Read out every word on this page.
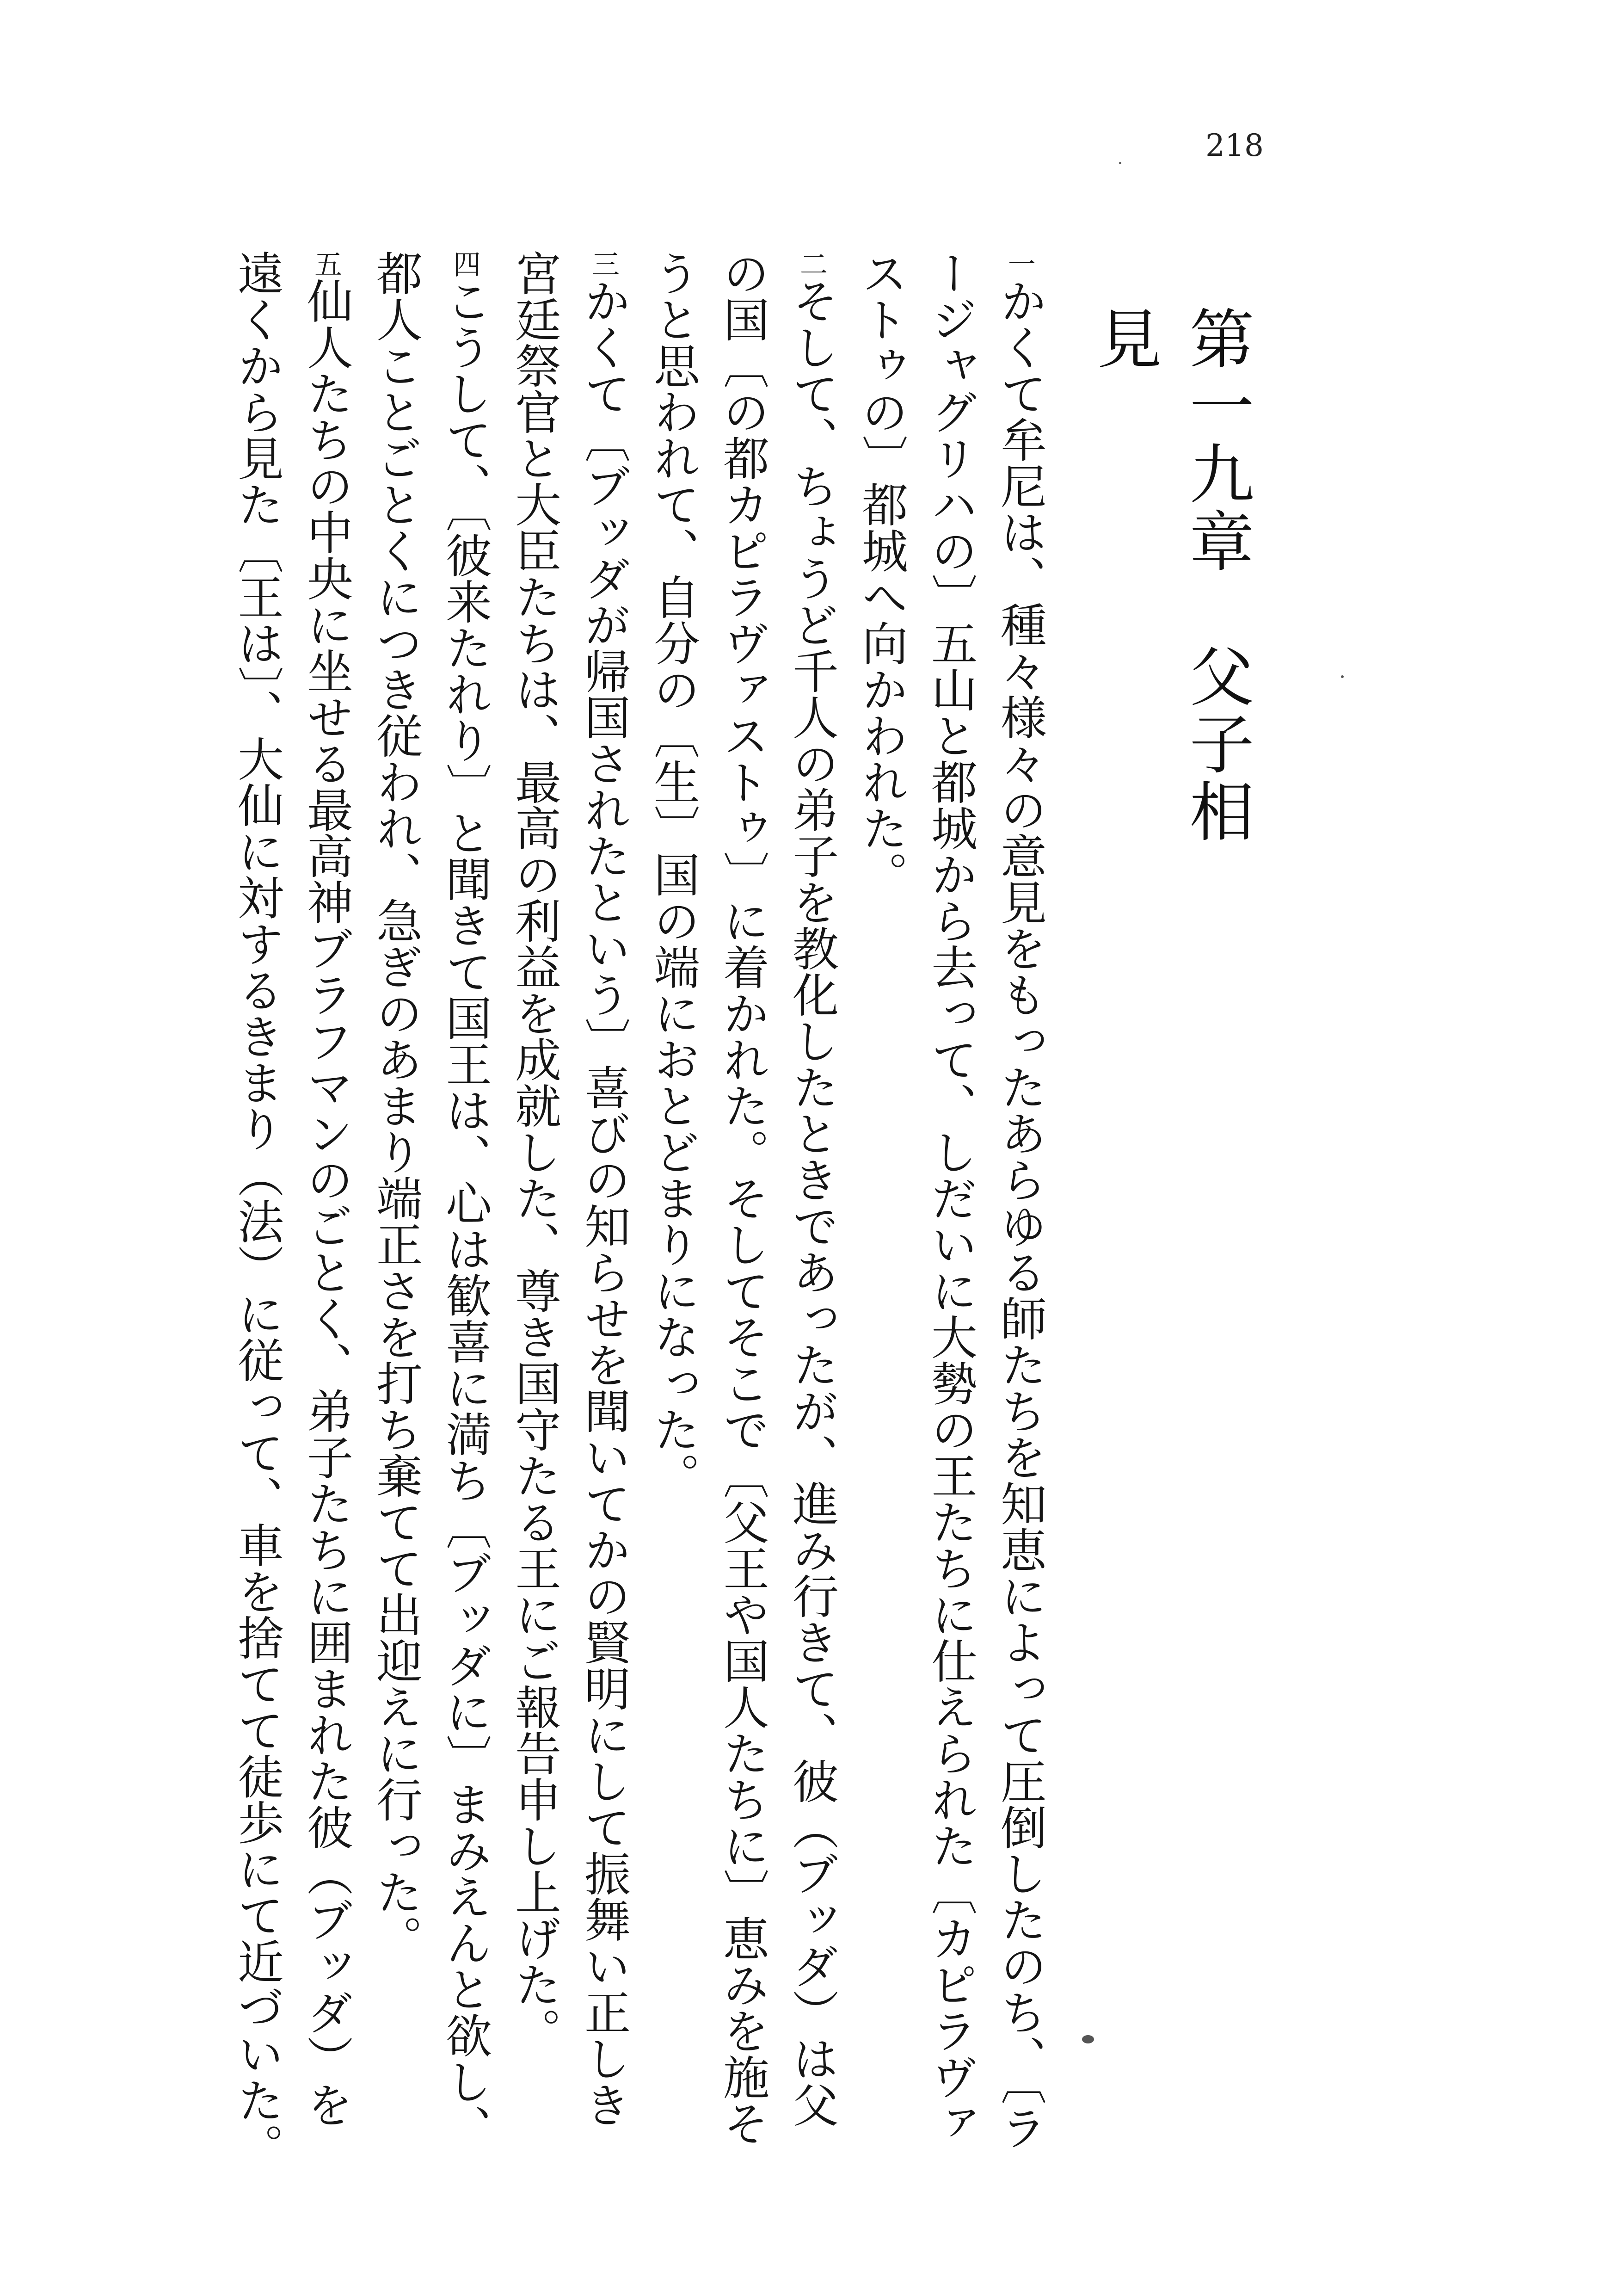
218
第一九章　父子相見

一かくて牟尼は、種々様々の意見をもったあらゆる師たちを知恵によって圧倒したのち、〔ラージャグリハの〕五山と都城から去って、しだいに大勢の王たちに仕えられた〔カピラヴァストゥの〕都城へ向かわれた。

二そして、ちょうど千人の弟子を教化したときであったが、進み行きて、彼（ブッダ）は父の国〔の都カピラヴァストゥ〕に着かれた。そしてそこで〔父王や国人たちに〕恵みを施そうと思われて、自分の〔生〕国の端におとどまりになった。

三かくて〔ブッダが帰国されたという〕喜びの知らせを聞いてかの賢明にして振舞い正しき宮廷祭官と大臣たちは、最高の利益を成就した、尊き国守たる王にご報告申し上げた。

四こうして、〔彼来たれり〕と聞きて国王は、心は歓喜に満ち〔ブッダに〕まみえんと欲し、都人ことごとくにつき従われ、急ぎのあまり端正さを打ち棄てて出迎えに行った。

五仙人たちの中央に坐せる最高神ブラフマンのごとく、弟子たちに囲まれた彼（ブッダ）を遠くから見た〔王は〕、大仙に対するきまり（法）に従って、車を捨てて徒歩にて近づいた。
